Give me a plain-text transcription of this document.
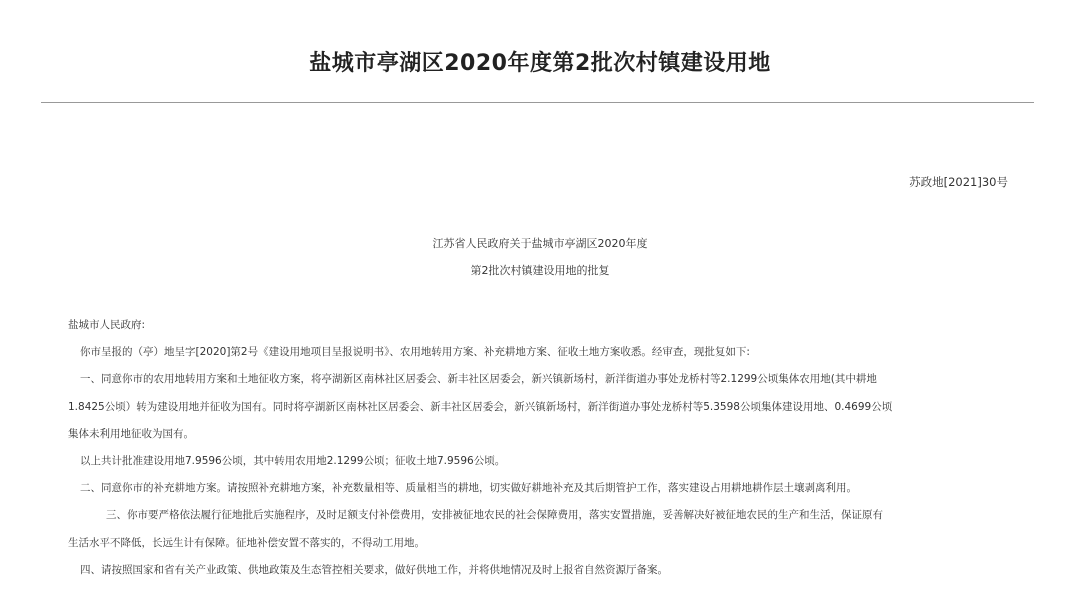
盐城市亭湖区2020年度第2批次村镇建设用地
苏政地[2021]30号
江苏省人民政府关于盐城市亭湖区2020年度
第2批次村镇建设用地的批复
盐城市人民政府:
你市呈报的（亭）地呈字[2020]第2号《建设用地项目呈报说明书》、农用地转用方案、补充耕地方案、征收土地方案收悉。经审查，现批复如下:
一、同意你市的农用地转用方案和土地征收方案，将亭湖新区南林社区居委会、新丰社区居委会，新兴镇新场村，新洋街道办事处龙桥村等2.1299公顷集体农用地(其中耕地
1.8425公顷）转为建设用地并征收为国有。同时将亭湖新区南林社区居委会、新丰社区居委会，新兴镇新场村，新洋街道办事处龙桥村等5.3598公顷集体建设用地、0.4699公顷
集体未利用地征收为国有。
以上共计批准建设用地7.9596公顷，其中转用农用地2.1299公顷；征收土地7.9596公顷。
二、同意你市的补充耕地方案。请按照补充耕地方案，补充数量相等、质量相当的耕地，切实做好耕地补充及其后期管护工作，落实建设占用耕地耕作层土壤剥离利用。
三、你市要严格依法履行征地批后实施程序，及时足额支付补偿费用，安排被征地农民的社会保障费用，落实安置措施，妥善解决好被征地农民的生产和生活，保证原有
生活水平不降低，长远生计有保障。征地补偿安置不落实的，不得动工用地。
四、请按照国家和省有关产业政策、供地政策及生态管控相关要求，做好供地工作，并将供地情况及时上报省自然资源厅备案。
